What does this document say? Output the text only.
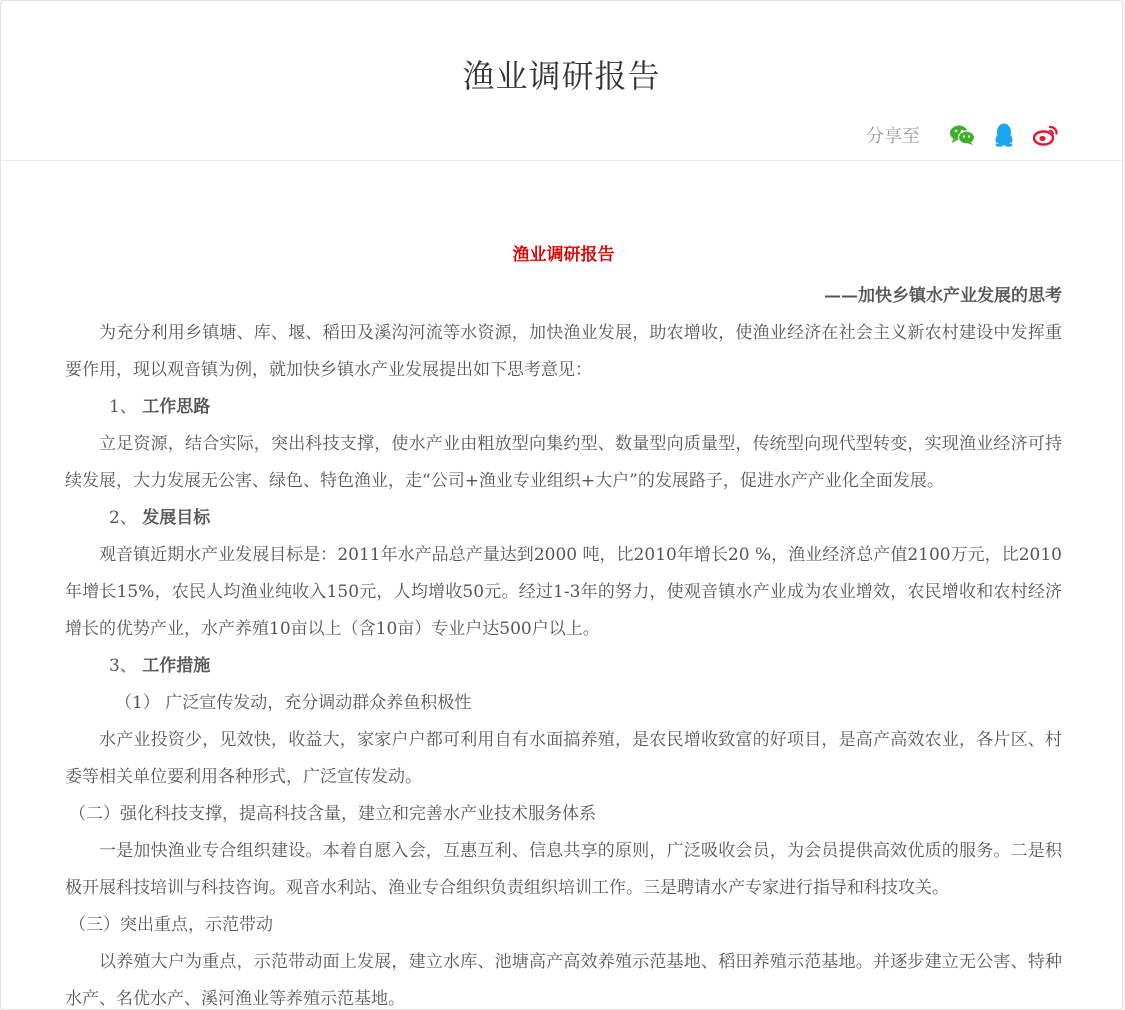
渔业调研报告
分享至

渔业调研报告

——加快乡镇水产业发展的思考

为充分利用乡镇塘、库、堰、稻田及溪沟河流等水资源，加快渔业发展，助农增收，使渔业经济在社会主义新农村建设中发挥重要作用，现以观音镇为例，就加快乡镇水产业发展提出如下思考意见：

1、 工作思路

立足资源，结合实际，突出科技支撑，使水产业由粗放型向集约型、数量型向质量型，传统型向现代型转变，实现渔业经济可持续发展，大力发展无公害、绿色、特色渔业，走“公司+渔业专业组织+大户”的发展路子，促进水产产业化全面发展。

2、 发展目标

观音镇近期水产业发展目标是：2011年水产品总产量达到2000 吨，比2010年增长20 %，渔业经济总产值2100万元，比2010年增长15%，农民人均渔业纯收入150元，人均增收50元。经过1-3年的努力，使观音镇水产业成为农业增效，农民增收和农村经济增长的优势产业，水产养殖10亩以上（含10亩）专业户达500户以上。

3、 工作措施

（1） 广泛宣传发动，充分调动群众养鱼积极性

水产业投资少，见效快，收益大，家家户户都可利用自有水面搞养殖，是农民增收致富的好项目，是高产高效农业，各片区、村委等相关单位要利用各种形式，广泛宣传发动。

（二）强化科技支撑，提高科技含量，建立和完善水产业技术服务体系

一是加快渔业专合组织建设。本着自愿入会，互惠互利、信息共享的原则，广泛吸收会员，为会员提供高效优质的服务。二是积极开展科技培训与科技咨询。观音水利站、渔业专合组织负责组织培训工作。三是聘请水产专家进行指导和科技攻关。

（三）突出重点，示范带动

以养殖大户为重点，示范带动面上发展，建立水库、池塘高产高效养殖示范基地、稻田养殖示范基地。并逐步建立无公害、特种水产、名优水产、溪河渔业等养殖示范基地。
